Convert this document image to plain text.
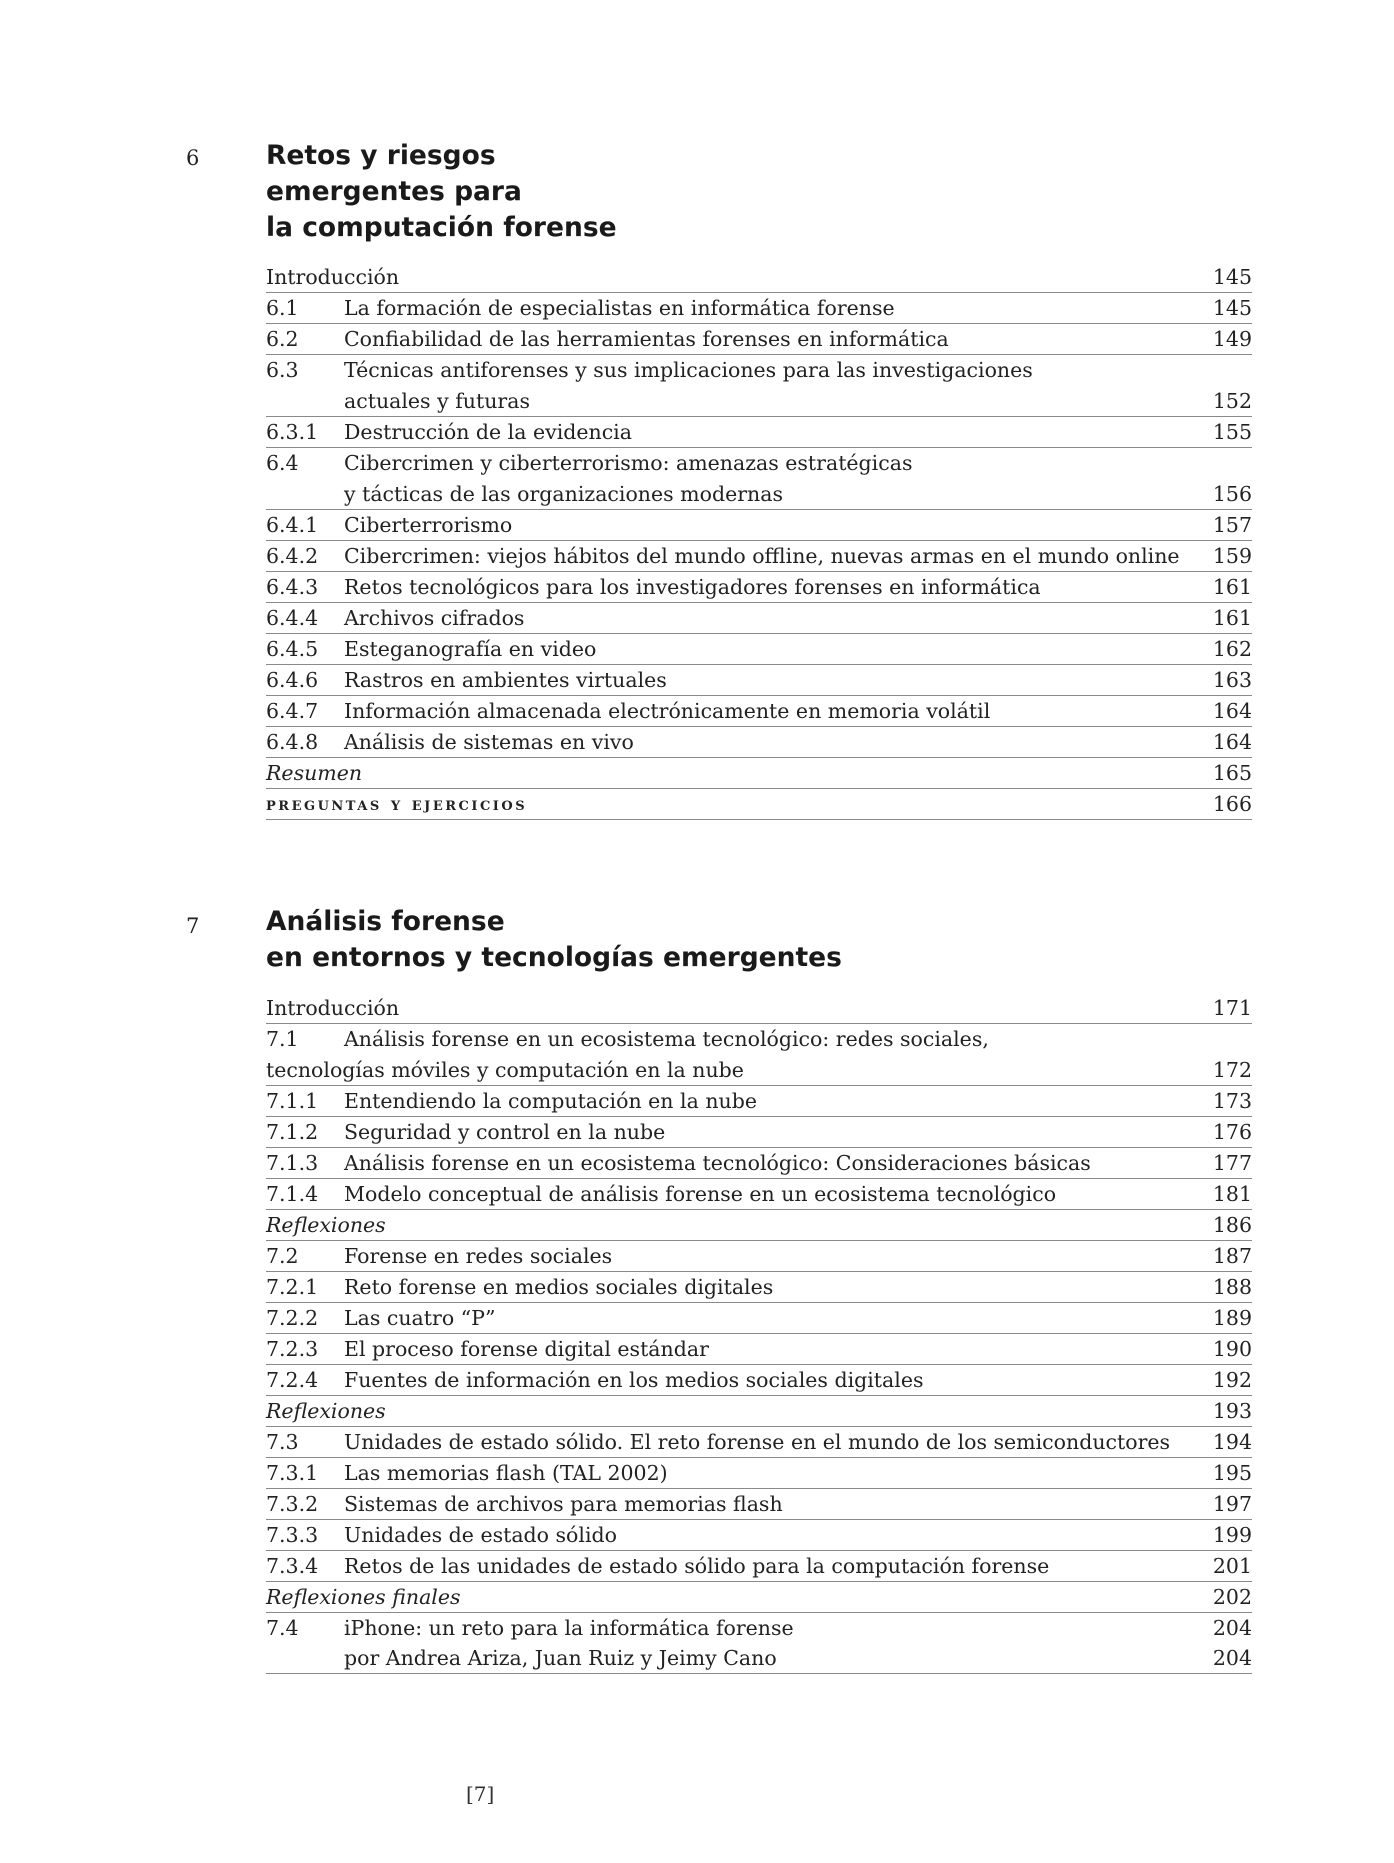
6	Retos y riesgos
emergentes para
la computación forense
Introducción	145
6.1 La formación de especialistas en informática forense	145
6.2 Confiabilidad de las herramientas forenses en informática	149
6.3 Técnicas antiforenses y sus implicaciones para las investigaciones
actuales y futuras	152
6.3.1 Destrucción de la evidencia	155
6.4 Cibercrimen y ciberterrorismo: amenazas estratégicas
y tácticas de las organizaciones modernas	156
6.4.1 Ciberterrorismo	157
6.4.2 Cibercrimen: viejos hábitos del mundo offline, nuevas armas en el mundo online	159
6.4.3 Retos tecnológicos para los investigadores forenses en informática	161
6.4.4 Archivos cifrados	161
6.4.5 Esteganografía en video	162
6.4.6 Rastros en ambientes virtuales	163
6.4.7 Información almacenada electrónicamente en memoria volátil	164
6.4.8 Análisis de sistemas en vivo	164
Resumen	165
preguntas y ejercicios	166
7	Análisis forense
en entornos y tecnologías emergentes
Introducción	171
7.1	Análisis forense en un ecosistema tecnológico: redes sociales,
tecnologías móviles y computación en la nube	172
7.1.1 Entendiendo la computación en la nube	173
7.1.2 Seguridad y control en la nube	176
7.1.3 Análisis forense en un ecosistema tecnológico: Consideraciones básicas	177
7.1.4 Modelo conceptual de análisis forense en un ecosistema tecnológico	181
Reflexiones	186
7.2 Forense en redes sociales	187
7.2.1 Reto forense en medios sociales digitales	188
7.2.2 Las cuatro “P”	189
7.2.3 El proceso forense digital estándar	190
7.2.4 Fuentes de información en los medios sociales digitales	192
Reflexiones	193
7.3 Unidades de estado sólido. El reto forense en el mundo de los semiconductores	194
7.3.1 Las memorias flash (TAL 2002)	195
7.3.2 Sistemas de archivos para memorias flash	197
7.3.3 Unidades de estado sólido	199
7.3.4 Retos de las unidades de estado sólido para la computación forense	201
Reflexiones finales	202
7.4 iPhone: un reto para la informática forense	204
por Andrea Ariza, Juan Ruiz y Jeimy Cano	204
[7]
